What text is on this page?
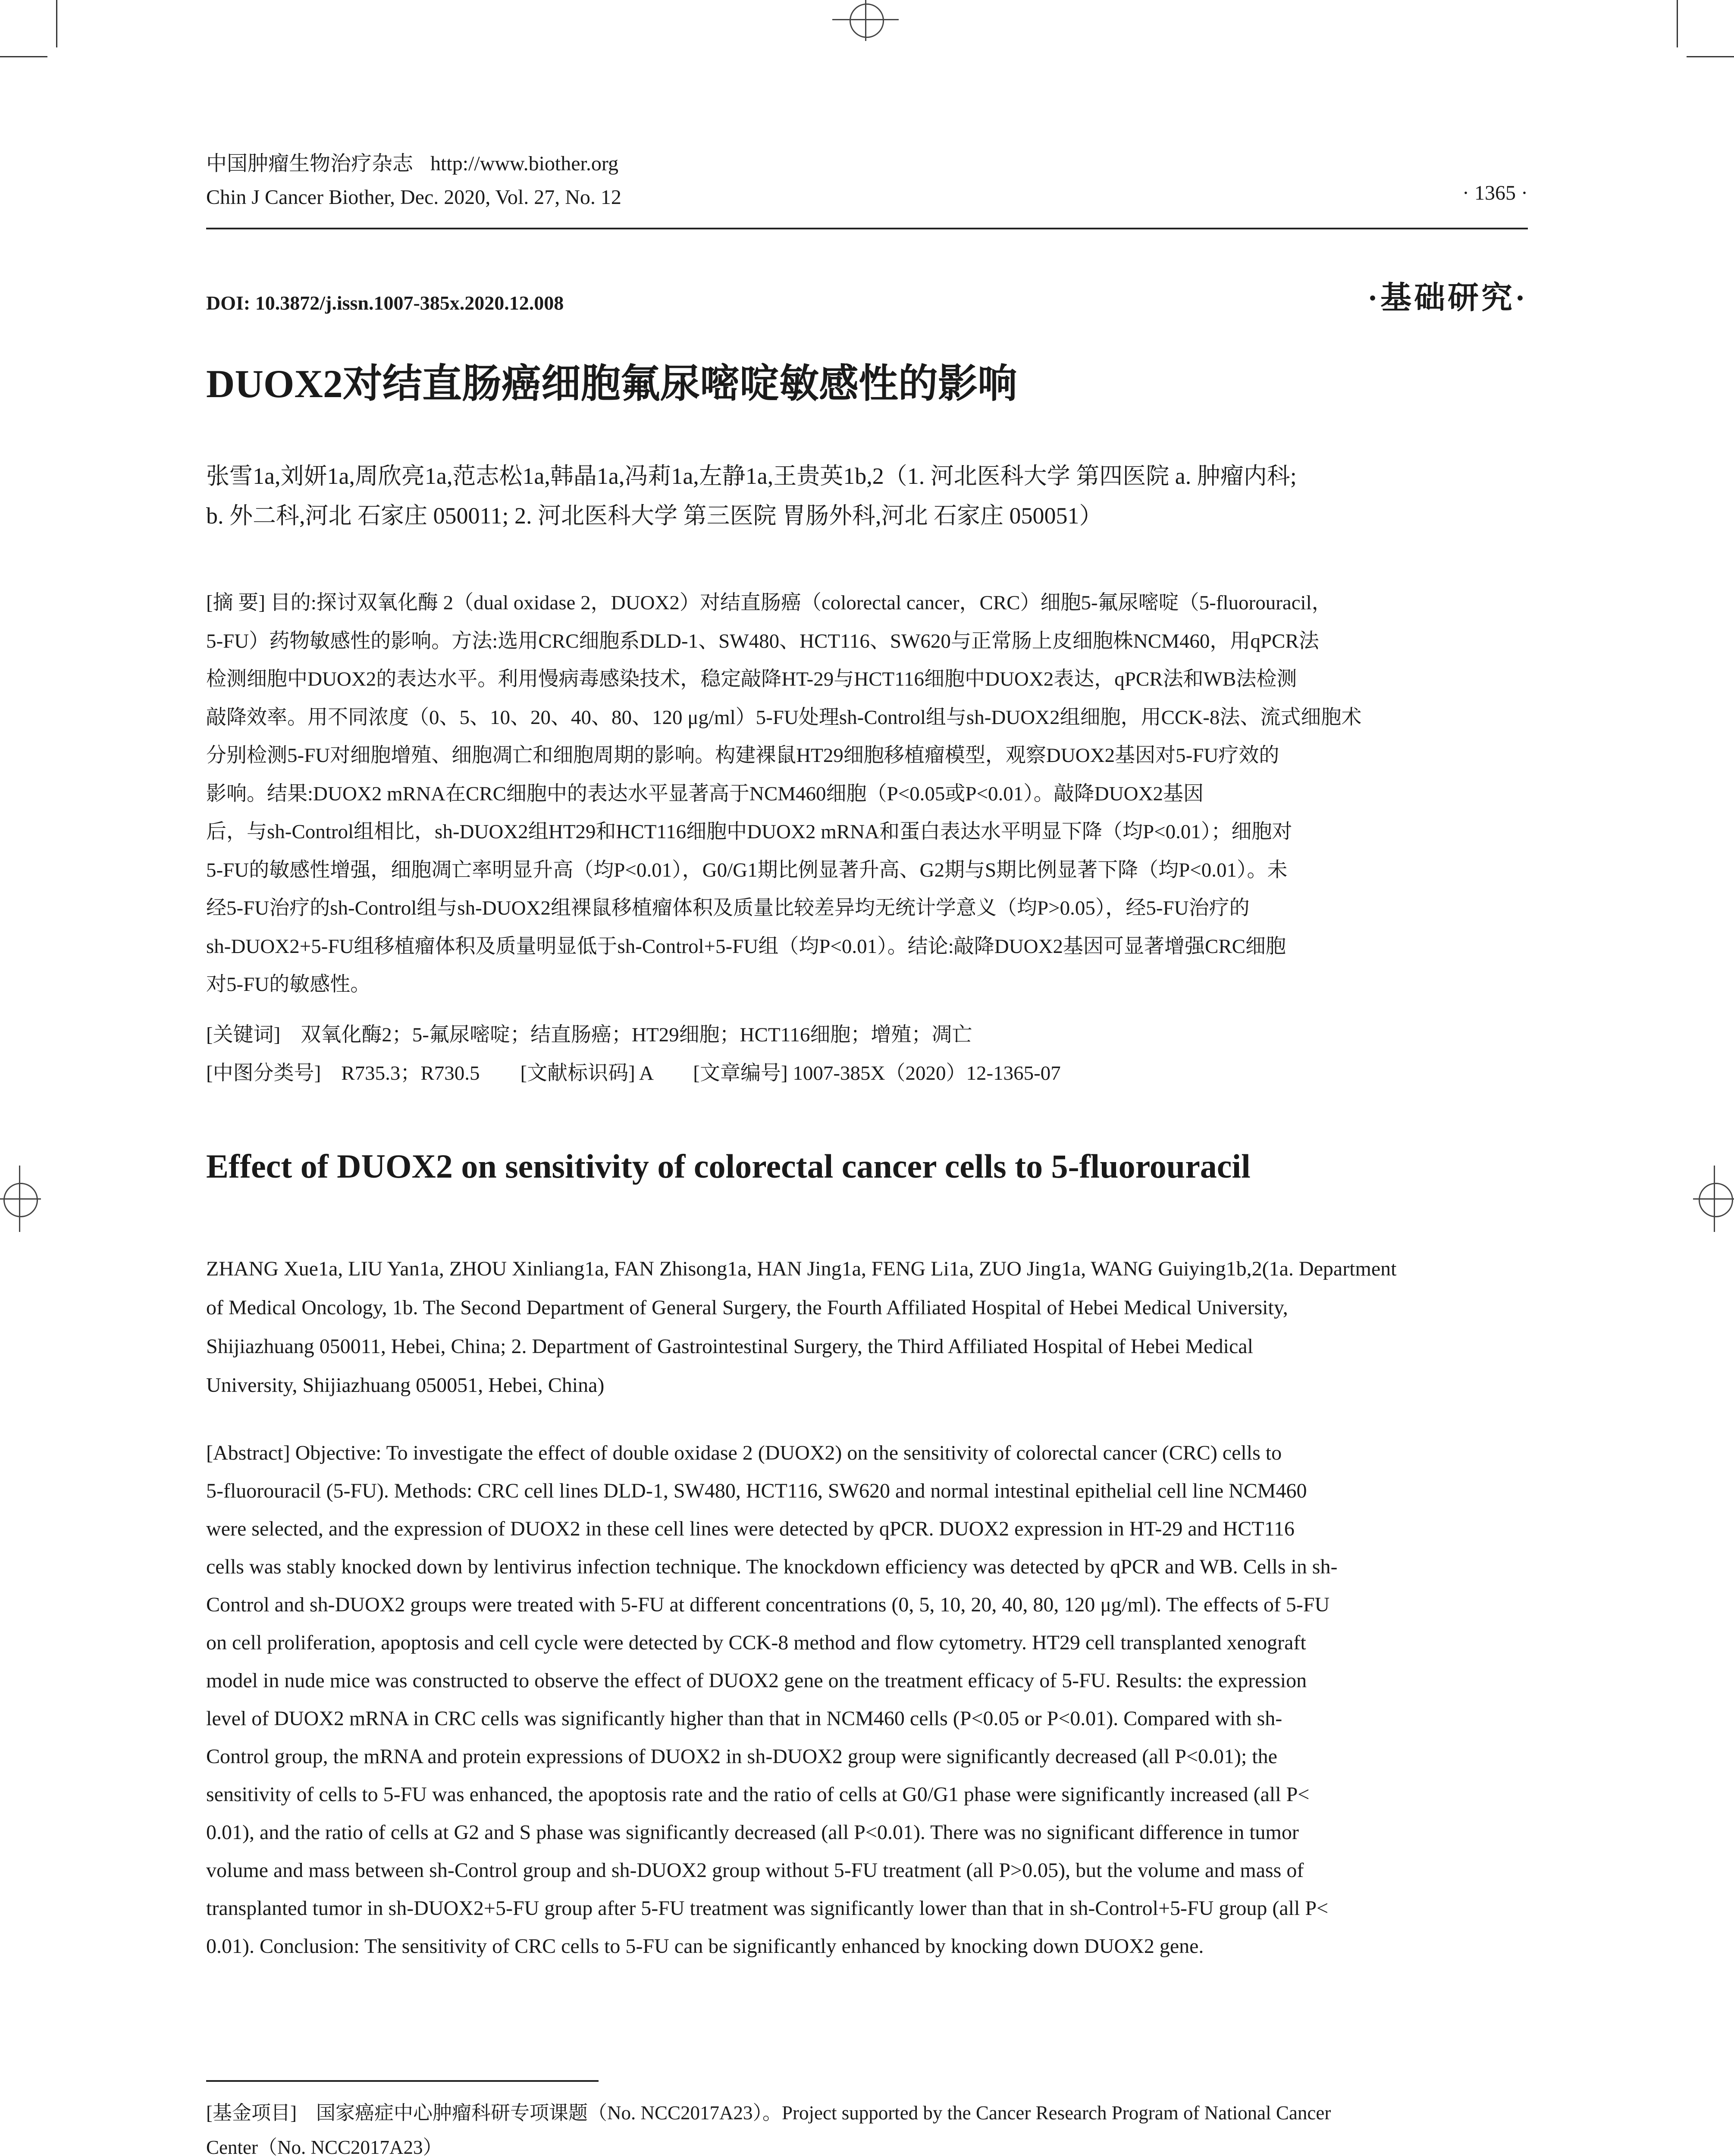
中国肿瘤生物治疗杂志 http://www.biother.org
Chin J Cancer Biother, Dec. 2020, Vol. 27, No. 12	· 1365 ·
DOI: 10.3872/j.issn.1007-385x.2020.12.008	·基础研究·
DUOX2对结直肠癌细胞氟尿嘧啶敏感性的影响
张雪1a,刘妍1a,周欣亮1a,范志松1a,韩晶1a,冯莉1a,左静1a,王贵英1b,2（1. 河北医科大学 第四医院 a. 肿瘤内科;
b. 外二科,河北 石家庄 050011; 2. 河北医科大学 第三医院 胃肠外科,河北 石家庄 050051）
[摘 要] 目的:探讨双氧化酶 2（dual oxidase 2，DUOX2）对结直肠癌（colorectal cancer，CRC）细胞5-氟尿嘧啶（5-fluorouracil，
5-FU）药物敏感性的影响。方法:选用CRC细胞系DLD-1、SW480、HCT116、SW620与正常肠上皮细胞株NCM460，用qPCR法
检测细胞中DUOX2的表达水平。利用慢病毒感染技术，稳定敲降HT-29与HCT116细胞中DUOX2表达，qPCR法和WB法检测
敲降效率。用不同浓度（0、5、10、20、40、80、120 μg/ml）5-FU处理sh-Control组与sh-DUOX2组细胞，用CCK-8法、流式细胞术
分别检测5-FU对细胞增殖、细胞凋亡和细胞周期的影响。构建裸鼠HT29细胞移植瘤模型，观察DUOX2基因对5-FU疗效的
影响。结果:DUOX2 mRNA在CRC细胞中的表达水平显著高于NCM460细胞（P<0.05或P<0.01）。敲降DUOX2基因
后，与sh-Control组相比，sh-DUOX2组HT29和HCT116细胞中DUOX2 mRNA和蛋白表达水平明显下降（均P<0.01）；细胞对
5-FU的敏感性增强，细胞凋亡率明显升高（均P<0.01），G0/G1期比例显著升高、G2期与S期比例显著下降（均P<0.01）。未
经5-FU治疗的sh-Control组与sh-DUOX2组裸鼠移植瘤体积及质量比较差异均无统计学意义（均P>0.05），经5-FU治疗的
sh-DUOX2+5-FU组移植瘤体积及质量明显低于sh-Control+5-FU组（均P<0.01）。结论:敲降DUOX2基因可显著增强CRC细胞
对5-FU的敏感性。
[关键词]　双氧化酶2；5-氟尿嘧啶；结直肠癌；HT29细胞；HCT116细胞；增殖；凋亡
[中图分类号]　R735.3；R730.5　　[文献标识码] A　　[文章编号] 1007-385X（2020）12-1365-07
Effect of DUOX2 on sensitivity of colorectal cancer cells to 5-fluorouracil
ZHANG Xue1a, LIU Yan1a, ZHOU Xinliang1a, FAN Zhisong1a, HAN Jing1a, FENG Li1a, ZUO Jing1a, WANG Guiying1b,2(1a. Department
of Medical Oncology, 1b. The Second Department of General Surgery, the Fourth Affiliated Hospital of Hebei Medical University,
Shijiazhuang 050011, Hebei, China; 2. Department of Gastrointestinal Surgery, the Third Affiliated Hospital of Hebei Medical
University, Shijiazhuang 050051, Hebei, China)
[Abstract] Objective: To investigate the effect of double oxidase 2 (DUOX2) on the sensitivity of colorectal cancer (CRC) cells to
5-fluorouracil (5-FU). Methods: CRC cell lines DLD-1, SW480, HCT116, SW620 and normal intestinal epithelial cell line NCM460
were selected, and the expression of DUOX2 in these cell lines were detected by qPCR. DUOX2 expression in HT-29 and HCT116
cells was stably knocked down by lentivirus infection technique. The knockdown efficiency was detected by qPCR and WB. Cells in sh-
Control and sh-DUOX2 groups were treated with 5-FU at different concentrations (0, 5, 10, 20, 40, 80, 120 μg/ml). The effects of 5-FU
on cell proliferation, apoptosis and cell cycle were detected by CCK-8 method and flow cytometry. HT29 cell transplanted xenograft
model in nude mice was constructed to observe the effect of DUOX2 gene on the treatment efficacy of 5-FU. Results: the expression
level of DUOX2 mRNA in CRC cells was significantly higher than that in NCM460 cells (P<0.05 or P<0.01). Compared with sh-
Control group, the mRNA and protein expressions of DUOX2 in sh-DUOX2 group were significantly decreased (all P<0.01); the
sensitivity of cells to 5-FU was enhanced, the apoptosis rate and the ratio of cells at G0/G1 phase were significantly increased (all P<
0.01), and the ratio of cells at G2 and S phase was significantly decreased (all P<0.01). There was no significant difference in tumor
volume and mass between sh-Control group and sh-DUOX2 group without 5-FU treatment (all P>0.05), but the volume and mass of
transplanted tumor in sh-DUOX2+5-FU group after 5-FU treatment was significantly lower than that in sh-Control+5-FU group (all P<
0.01). Conclusion: The sensitivity of CRC cells to 5-FU can be significantly enhanced by knocking down DUOX2 gene.
[基金项目]　国家癌症中心肿瘤科研专项课题（No. NCC2017A23）。Project supported by the Cancer Research Program of National Cancer
Center（No. NCC2017A23）
